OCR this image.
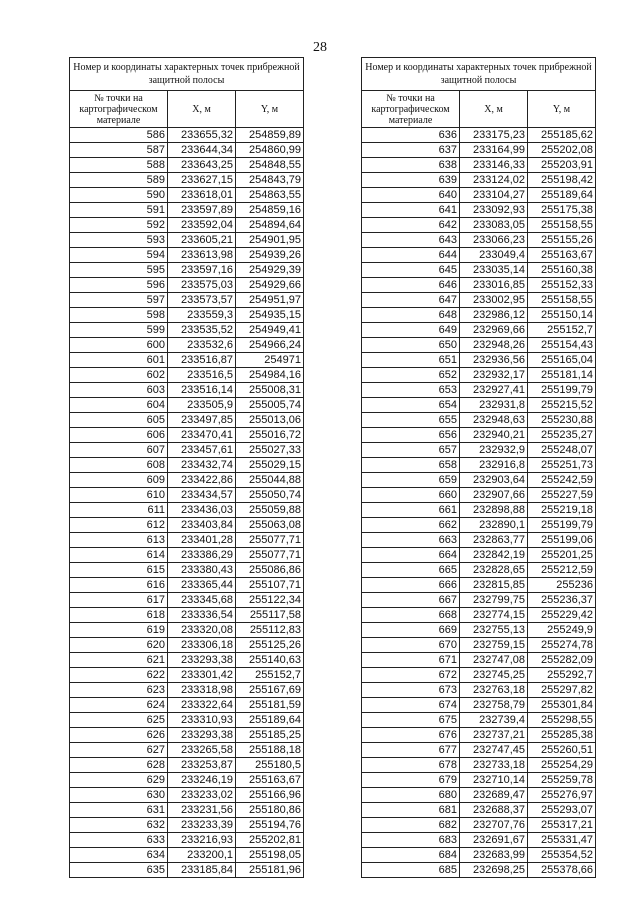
28
Номер и координаты характерных точек прибрежной защитной полосы		
№ точки на картографическом материале	X, м	Y, м
586	233655,32	254859,89
587	233644,34	254860,99
588	233643,25	254848,55
589	233627,15	254843,79
590	233618,01	254863,55
591	233597,89	254859,16
592	233592,04	254894,64
593	233605,21	254901,95
594	233613,98	254939,26
595	233597,16	254929,39
596	233575,03	254929,66
597	233573,57	254951,97
598	233559,3	254935,15
599	233535,52	254949,41
600	233532,6	254966,24
601	233516,87	254971
602	233516,5	254984,16
603	233516,14	255008,31
604	233505,9	255005,74
605	233497,85	255013,06
606	233470,41	255016,72
607	233457,61	255027,33
608	233432,74	255029,15
609	233422,86	255044,88
610	233434,57	255050,74
611	233436,03	255059,88
612	233403,84	255063,08
613	233401,28	255077,71
614	233386,29	255077,71
615	233380,43	255086,86
616	233365,44	255107,71
617	233345,68	255122,34
618	233336,54	255117,58
619	233320,08	255112,83
620	233306,18	255125,26
621	233293,38	255140,63
622	233301,42	255152,7
623	233318,98	255167,69
624	233322,64	255181,59
625	233310,93	255189,64
626	233293,38	255185,25
627	233265,58	255188,18
628	233253,87	255180,5
629	233246,19	255163,67
630	233233,02	255166,96
631	233231,56	255180,86
632	233233,39	255194,76
633	233216,93	255202,81
634	233200,1	255198,05
635	233185,84	255181,96
Номер и координаты характерных точек прибрежной защитной полосы		
№ точки на картографическом материале	X, м	Y, м
636	233175,23	255185,62
637	233164,99	255202,08
638	233146,33	255203,91
639	233124,02	255198,42
640	233104,27	255189,64
641	233092,93	255175,38
642	233083,05	255158,55
643	233066,23	255155,26
644	233049,4	255163,67
645	233035,14	255160,38
646	233016,85	255152,33
647	233002,95	255158,55
648	232986,12	255150,14
649	232969,66	255152,7
650	232948,26	255154,43
651	232936,56	255165,04
652	232932,17	255181,14
653	232927,41	255199,79
654	232931,8	255215,52
655	232948,63	255230,88
656	232940,21	255235,27
657	232932,9	255248,07
658	232916,8	255251,73
659	232903,64	255242,59
660	232907,66	255227,59
661	232898,88	255219,18
662	232890,1	255199,79
663	232863,77	255199,06
664	232842,19	255201,25
665	232828,65	255212,59
666	232815,85	255236
667	232799,75	255236,37
668	232774,15	255229,42
669	232755,13	255249,9
670	232759,15	255274,78
671	232747,08	255282,09
672	232745,25	255292,7
673	232763,18	255297,82
674	232758,79	255301,84
675	232739,4	255298,55
676	232737,21	255285,38
677	232747,45	255260,51
678	232733,18	255254,29
679	232710,14	255259,78
680	232689,47	255276,97
681	232688,37	255293,07
682	232707,76	255317,21
683	232691,67	255331,47
684	232683,99	255354,52
685	232698,25	255378,66
